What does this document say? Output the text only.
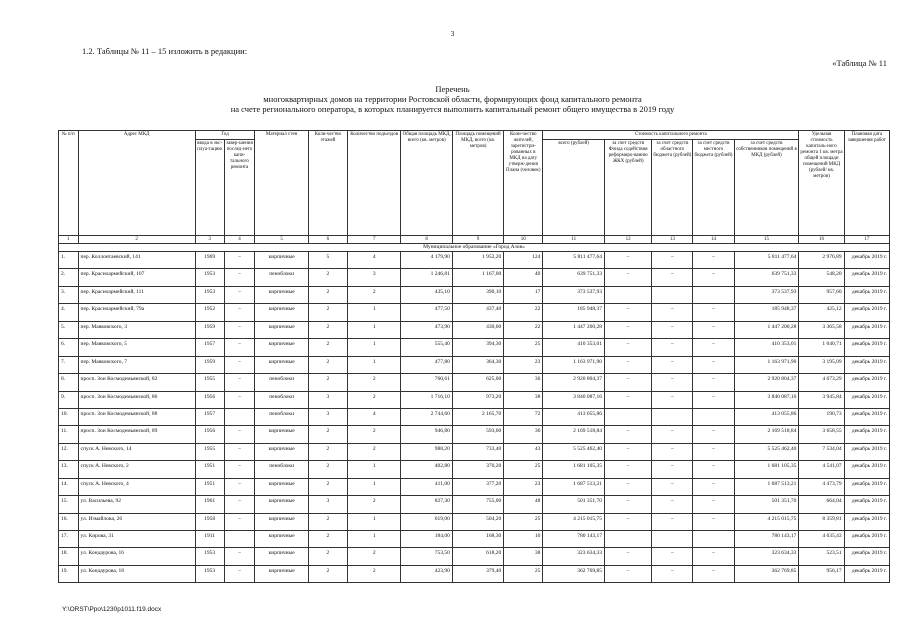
3
1.2. Таблицы № 11 – 15 изложить в редакции:
«Таблица № 11
Перечень
многоквартирных домов на территории Ростовской области, формирующих фонд капитального ремонта
на счете регионального оператора, в которых планируется выполнить капитальный ремонт общего имущества в 2019 году
№ п/п	Адрес МКД	Год		Материал стен	Коли-чество этажей	Количество подъездов	Общая площадь МКД, всего (кв. метров)	Площадь помещений МКД, всего (кв. метров)	Коли-чество жителей, зарегистри-рованных в МКД на дату утверж-дения Плана (человек)	Стоимость капитального ремонта					Удельная стоимость капиталь-ного ремонта 1 кв. метра общей площади помещений МКД (рублей/ кв. метров)	Плановая дата завершения работ
		ввода в экс-плуа-тацию	завер-шения послед-него капи-тального ремонта							всего (рублей)	за счет средств Фонда содействия реформиро-ванию ЖКХ (рублей)	за счет средств областного бюджета (рублей)	за счет средств местного бюджета (рублей)	за счет средств собственников помещений в МКД (рублей)		
1	2	3	4	5	6	7	8	9	10	11	12	13	14	15	16	17
Муниципальное образование «Город Азов»																
1.	пер. Коллонтаевский, 141	1969	–	кирпичные	5	4	4 179,90	1 952,20	124	5 811 477,64	–	–	–	5 811 477,64	2 976,89	декабрь 2019 г.
2.	пер. Красноармейский, 107	1953	–	пеноблоки	2	3	1 246,81	1 167,00	40	639 751,33	–	–	–	639 751,33	548,20	декабрь 2019 г.
3.	пер. Красноармейский, 111	1953	–	кирпичные	2	2	435,10	390,10	17	373 537,93				373 537,93	957,60	декабрь 2019 г.
4.	пер. Красноармейский, 79а	1952	–	кирпичные	2	1	477,50	437,40	22	185 948,37	–	–	–	185 948,37	425,12	декабрь 2019 г.
5.	пер. Маяковского, 3	1959	–	кирпичные	2	1	473,90	430,00	22	1 447 200,28	–	–	–	1 447 200,28	3 365,58	декабрь 2019 г.
6.	пер. Маяковского, 5	1957	–	кирпичные	2	1	555,40	394,30	25	410 353,01	–	–	–	410 353,01	1 040,71	декабрь 2019 г.
7.	пер. Маяковского, 7	1959	–	кирпичные	2	1	477,80	364,30	23	1 163 971,90	–	–	–	1 163 971,90	3 195,09	декабрь 2019 г.
8.	просп. Зои Космодемьянской, 82	1955	–	пеноблоки	2	2	760,61	625,00	36	2 920 804,37	–	–	–	2 920 804,37	4 673,29	декабрь 2019 г.
9.	просп. Зои Космодемьянской, 86	1956	–	пеноблоки	3	2	1 716,10	973,20	38	3 840 087,16	–	–	–	3 840 087,16	3 945,84	декабрь 2019 г.
10.	просп. Зои Космодемьянской, 88	1957		пеноблоки	3	4	2 744,60	2 165,70	72	413 055,86				413 055,86	190,73	декабрь 2019 г.
11.	просп. Зои Космодемьянской, 89	1956	–	кирпичные	2	2	946,80	593,00	36	2 169 518,84	–	–	–	2 169 518,84	3 658,55	декабрь 2019 г.
12.	спуск А. Невского, 14	1955	–	кирпичные	2	2	988,20	733,40	43	5 525 462,40	–	–	–	5 525 462,40	7 534,04	декабрь 2019 г.
13.	спуск А. Невского, 2	1951	–	пеноблоки	2	1	402,80	370,20	25	1 681 105,35	–	–	–	1 681 105,35	4 541,07	декабрь 2019 г.
14.	спуск А. Невского, 4	1951	–	кирпичные	2	1	411,00	377,20	23	1 687 513,21	–	–	–	1 687 513,21	4 473,79	декабрь 2019 г.
15.	ул. Васильева, 92	1961	–	кирпичные	3	2	827,30	755,00	48	501 351,70	–	–	–	501 351,70	664,04	декабрь 2019 г.
16.	ул. Измайлова, 26	1958	–	кирпичные	2	1	619,00	504,20	25	4 215 015,75	–	–	–	4 215 015,75	8 359,81	декабрь 2019 г.
17.	ул. Кирова, 31	1911		кирпичные	2	1	184,00	168,30	10	780 143,17				780 143,17	4 635,43	декабрь 2019 г.
18.	ул. Кондаурова, 16	1953	–	кирпичные	2	2	753,50	618,20	38	323 634,33	–	–	–	323 634,33	523,51	декабрь 2019 г.
19.	ул. Кондаурова, 18	1953	–	кирпичные	2	2	423,90	379,40	25	362 769,85	–	–	–	362 769,85	956,17	декабрь 2019 г.
Y:\ORST\Ppo\1230p1011.f19.docx
